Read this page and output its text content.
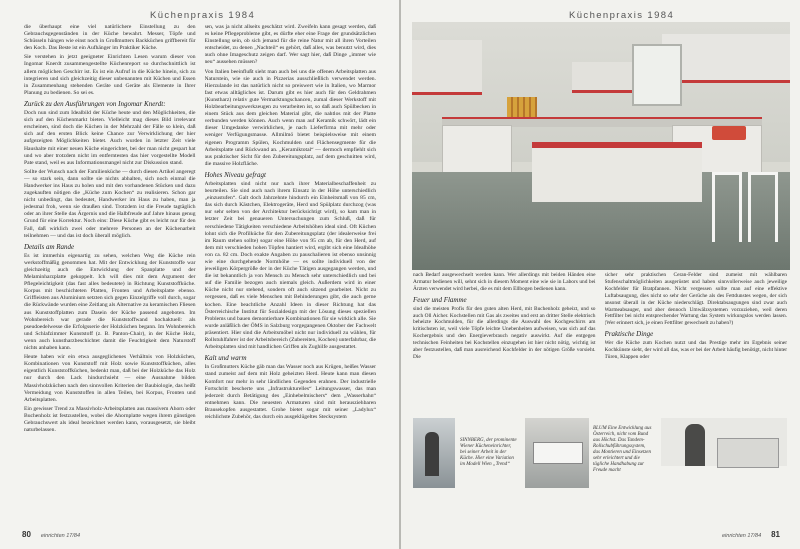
Küchenpraxis 1984

die überhaupt eine viel natürlichere Einstellung zu den Gebrauchsgegenständen in der Küche bewahrt. Messer, Töpfe und Schüsseln hängen wie einst noch in Großmutters Backküchen griffbereit für den Koch. Das Beste ist ein Aufhänger im Praktiker Küche.

Sie verstehen in jetzt geeigneter Einrichten Lesen warum dieser von Ingomar Knerdt zusammengestellte Küchenreport so durchschnittlich ist allem möglichen Geschirr ist. Es ist ein Aufruf in die Küche hinein, sich zu integrieren und sich gleichzeitig dieser unbenannten mit Küchen und Essen in Zusammenhang stehenden Geräte und Geräte als Elemente in Ihrer Planung zu bedienen. So sei es.

Zurück zu den Ausführungen von Ingomar Knerdt:

Doch nun sind zum Idealbild der Küche heute und den Möglichkeiten, die sich auf den Küchenmarkt bieten. Vielleicht mag dieses Bild irrelevant erscheinen, sind doch die Küchen in der Mehrzahl der Fälle so klein, daß sich auf den ersten Blick keine Chance zur Verwirklichung der hier aufgezeigten Möglichkeiten bietet. Auch wurden in letzter Zeit viele Haushalte mit einer neuen Küche eingerichtet, bei der man nicht gespart hat und wo aber trotzdem nicht im entferntesten das hier vorgestellte Modell Pate stand, weil es aus Informationsmangel nicht zur Diskussion stand.

Sollte der Wunsch nach der Familienküche — durch diesen Artikel angeregt — so stark sein, dann sollte sie nichts abhalten, sich noch einmal die Handwerker ins Haus zu holen und mit den vorhandenen Stücken und dazu zugekauften nötigen die „Küche zum Kochen“ zu realisieren. Schon gar nicht unbedingt, das bedeutet, Handwerker im Haus zu haben, man ja jedesmal froh, wenn sie draußen sind. Trotzdem ist die Freude tagtäglich oder an ihrer Stelle das Ärgernis und die Halbfreude auf Jahre hinaus genug Grund für eine Korrektur. Noch eins: Diese Küche gibt es leicht nur für den Fall, daß wirklich zwei oder mehrere Personen an der Küchenarbeit teilnehmen — und das ist doch überall möglich.

Details am Rande

Es ist immerhin eigenartig zu sehen, welchen Weg die Küche rein werkstoffmäßig genommen hat. Mit der Entwicklung der Kunststoffe war gleichzeitig auch die Entwicklung der Spanplatte und der Melaminharzplatte gekoppelt. Ich will dies mit dem Argument der Pflegeleichtigkeit (das fast alles bedeutete) in Richtung Kunststoffküche. Korpus mit beschichteten Platten, Fronten und Arbeitsplatte ebenso. Griffleisten aus Aluminium setzten sich gegen Einzelgriffe voll durch, sogar die Rückwände wurden eine Zeitlang als Alternative zu keramischen Fliesen aus Kunststoffplatten zum Dasein der Küche passend angeboten. Im Wohnbereich war gerade die Kunststoffwand hochaktuell: als pseudoedelwesse die Erfolgsserie der Holzküchen begann. Im Wohnbereich und Schlafzimmer Kunststoff (z. B. Panton-Chair), in der Küche Holz, wenn auch kunstharzbeschichtet damit die Feuchtigkeit dem Naturstoff nichts anhaben kann.

Heute haben wir ein etwa ausgeglichenes Verhältnis von Holzküchen, Kombinationen von Kunststoff mit Holz sowie Kunststoffküchen, alles eigentlich Kunststoffküchen, bedenkt man, daß bei der Holzküche das Holz nur durch den Lack hindurchsieht — eine Ausnahme bilden Massivholzküchen nach den sinnvollen Kriterien der Baubiologie, das heißt Vermeidung von Kunststoffen in allen Teilen, bei Korpus, Fronten und Arbeitsplatten.

Ein gewisser Trend zu Massivholz-Arbeitsplatten aus massivem Ahorn oder Buchenholz ist festzustellen, wobei die Ahornplatte wegen ihrem günstigen Gebrauchswert als ideal bezeichnet werden kann, vorausgesetzt, sie bleibt naturbelassen.

sen, was ja nicht allseits geschätzt wird. Zweifeln kann gesagt werden, daß es keine Pflegeprobleme gibt, es dürfte eher eine Frage der grundsätzlichen Einstellung sein, ob sich jemand für die reine Natur mit all ihren Vorteilen entscheidet, zu denen „Nachteil“ es gehört, daß alles, was benutzt wird, dies auch ohne Imageschutz zeigen darf. Wer sagt hier, daß Dinge „immer wie neu“ aussehen müssen?

Von Italien beeinflußt sieht man auch bei uns die offenen Arbeitsplatten aus Naturstein, wie sie auch in Pizzerias ausschließlich verwendet werden. Hierzulande ist das natürlich nicht so preiswert wie in Italien, wo Marmor fast etwas alltägliches ist. Darum gibt es hier auch für den Geldrahmen (Kunstharz) relativ gute Vermarktungschancen, zumal dieser Werkstoff mit Holzbearbeitungswerkzeugen zu verarbeiten ist, so daß auch Spülbecken in einem Stück aus dem gleichen Material gibt, die nahtlos mit der Platte verbunden werden können. Auch wenn man auf Keramik schwört, lädt ein dieser Umgedanke verwirklichen, je nach Lieferfirma mit mehr oder weniger Verfügungsmasse. Allmilmö bietet beispielsweise mit einem eigenen Programm Spülen, Kochmulden und Flächensegmente für die Arbeitsplatte und Rückwand an. „Keramiktotal“ — dermoch empfiehlt sich aus praktischer Sicht für den Zubereitungsplatz, auf dem geschnitten wird, die massive Holzfläche.

Hohes Niveau gefragt

Arbeitsplatten sind nicht nur nach ihrer Materialbeschaffenheit zu beurteilen. Sie sind auch nach ihrem Einsatz in der Höhe unterschiedlich „einzustufen“. Galt doch Jahrzehnte hindurch ein Einheitsmaß von 85 cm, das sich durch Kästchen, Elektrogeräte, Herd und Spülplatz durchzog (was nur sehr selten von der Architektur berücksichtigt wird), so kam man in letzter Zeit bei genaueren Untersuchungen zum Schluß, daß für verschiedene Tätigkeiten verschiedene Arbeitshöhen ideal sind. Oft Küchen lohnt sich die Profilküche für den Zubereitungsplatz (der idealerweise frei im Raum stehen sollte) sogar eine Höhe von 95 cm ab, für den Herd, auf dem mit verschieden hohen Töpfen hantiert wird, ergibt sich eine Idealhöhe von ca. 82 cm. Doch exakte Angaben zu pauschalieren ist ebenso unsinnig wie eine durchgehende Normhöhe — es sollte individuell von der jeweiligen Körpergröße der in der Küche Tätigen ausgegangen werden, und die ist bekanntlich ja von Mensch zu Mensch sehr unterschiedlich und bei auf die Familie bezogen auch niemals gleich. Außerdem wird in einer Küche nicht nur stehend, sondern oft auch sitzend gearbeitet. Nicht zu vergessen, daß es viele Menschen mit Behinderungen gibt, die auch gerne kochen. Eine beachtliche Anzahl Ideen in dieser Richtung hat das Österreichische Institut für Sozialdesign mit der Lösung dieses speziellen Problems und bauen demontierbare Kombinationen für sie wirklich alle. Sie wurde anläßlich der ÖMS in Salzburg vorgegangenen Oktober der Fachwelt präsentiert. Hier sind die Arbeitsmöbel nicht nur individuell zu wählen, für Rollstuhlfahrer ist der Arbeitsbereich (Zubereiten, Kochen) unterfahrbar, die Arbeitsplatten sind mit handlichen Griffen als Zughilfe ausgestattet.

Kalt und warm

In Großmutters Küche gäb man das Wasser noch aus Krügen, heißes Wasser stand zumeist auf dem mit Holz geheizten Herd. Heute kann man diesen Komfort nur mehr in sehr ländlichen Gegenden erahnen. Der industrielle Fortschritt bescherte uns „Infrastrukturelles“ Leitungswasser, das man jederzeit durch Betätigung des „Einhebelmischers“ dem „Wasserhahn“ entnehmen kann. Die neuesten Armaturen sind mit herausziehbaren Brausekopfen ausgestattet. Grohe bietet sogar mit seiner „Ladylux“ reichlichste Zubehör, das durch ein ausgeklügeltes Stecksystem

80 einrichten 17/84
Küchenpraxis 1984

nach Bedarf ausgewechselt werden kann. Wer allerdings mit beiden Händen eine Armatur bedienen will, sehnt sich in diesem Moment eine wie sie in Labors und bei Ärzten verwendet wird herbei, die es mit dem Ellbogen bedienen kann.

Feuer und Flamme

sind die meisten Profis für den guten alten Herd, mit Buchenholz geheizt, und so auch Oll Aicher. Kochstellen mit Gas als zweites und erst an dritter Stelle elektrisch beheizte Kochmulden, für die allerdings die Auswahl des Kochgeschirrs am kritischsten ist, weil viele Töpfe leichte Unebenheiten aufweisen, was sich auf das Kochergebnis und den Energieverbrauch negativ auswirkt. Auf die entgegen technischen Feinheiten bei Kochstellen einzugehen ist hier nicht nötig, wichtig ist aber festzustellen, daß man ausreichend Kochfelder in der nötigen Größe vorsieht. Die

sicher sehr praktischen Ceran-Felder sind zumeist mit wählbaren Stufenschaltmöglichkeiten ausgerüstet und haben sinnvollerweise auch jeweilige Kochfelder für Bratpfannen. Nicht vergessen sollte man auf eine effektive Luftabsaugung, dies nicht so sehr der Gerüche als des Fettdunstes wegen, der sich ansonst überall in der Küche niederschlägt. Direktabsaugungen sind zwar auch Warmeabsauger, und aber dennoch Umwälzsystemen vorzuziehen, weil deren Fettfilter bei nicht entsprechender Wartung das System wirkungslos werden lassen. (Wer erinnert sich, je einen Fettfilter gewechselt zu haben?)

Praktische Dinge

Wer die Küche zum Kochen nutzt und das Prestige mehr im Ergebnis seiner Kochkünste sieht, der wird all das, was er bei der Arbeit häufig benötigt, nicht hinter Türen, Klappen oder

SINNBERG, der prominente Wiener Kücheneinrichter, bei seiner Arbeit in der Küche. Hier eine Variation im Modell Wien „Trend“
BLUM Eine Entwicklung aus Österreich, nicht vom Bund aus Höchst. Das Tandem-Rollschubführungssystem, das Montieren und Einsetzen sehr erleichtert und die tägliche Handhabung zur Freude macht
einrichten 17/84 81
